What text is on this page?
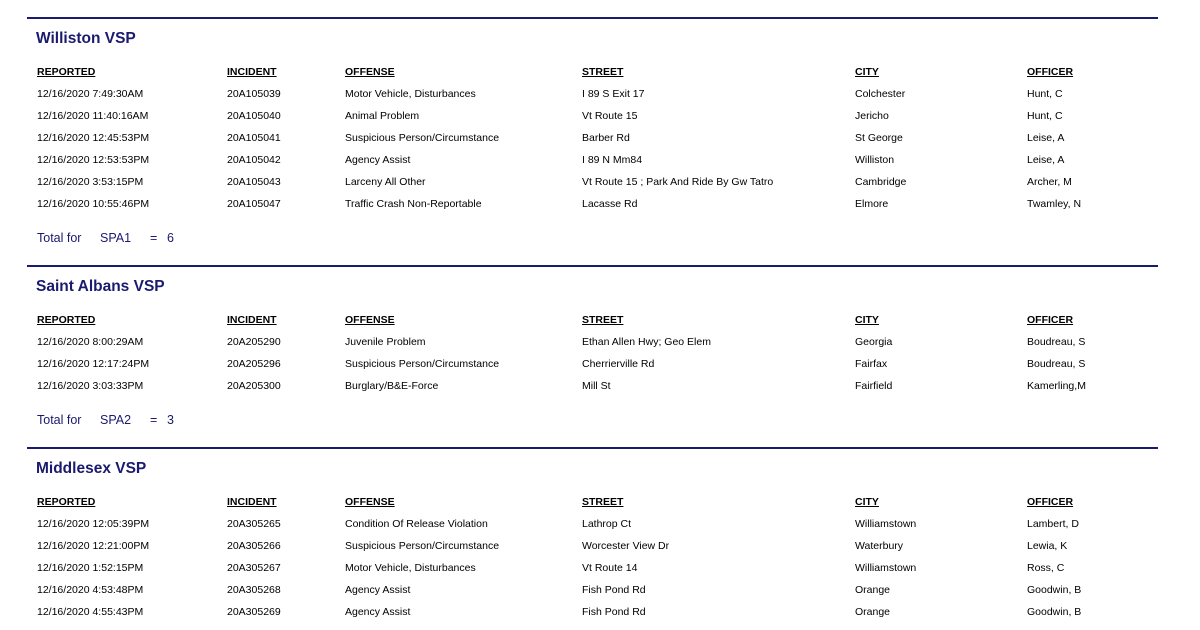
Williston VSP
REPORTED	INCIDENT	OFFENSE	STREET	CITY	OFFICER
12/16/2020 7:49:30AM	20A105039	Motor Vehicle, Disturbances	I 89 S Exit 17	Colchester	Hunt, C
12/16/2020 11:40:16AM	20A105040	Animal Problem	Vt Route 15	Jericho	Hunt, C
12/16/2020 12:45:53PM	20A105041	Suspicious Person/Circumstance	Barber Rd	St George	Leise, A
12/16/2020 12:53:53PM	20A105042	Agency Assist	I 89 N Mm84	Williston	Leise, A
12/16/2020 3:53:15PM	20A105043	Larceny All Other	Vt Route 15 ; Park And Ride By Gw Tatro	Cambridge	Archer, M
12/16/2020 10:55:46PM	20A105047	Traffic Crash Non-Reportable	Lacasse Rd	Elmore	Twamley, N
Total for SPA1 = 6
Saint Albans VSP
REPORTED	INCIDENT	OFFENSE	STREET	CITY	OFFICER
12/16/2020 8:00:29AM	20A205290	Juvenile Problem	Ethan Allen Hwy; Geo Elem	Georgia	Boudreau, S
12/16/2020 12:17:24PM	20A205296	Suspicious Person/Circumstance	Cherrierville Rd	Fairfax	Boudreau, S
12/16/2020 3:03:33PM	20A205300	Burglary/B&E-Force	Mill St	Fairfield	Kamerling,M
Total for SPA2 = 3
Middlesex VSP
REPORTED	INCIDENT	OFFENSE	STREET	CITY	OFFICER
12/16/2020 12:05:39PM	20A305265	Condition Of Release Violation	Lathrop Ct	Williamstown	Lambert, D
12/16/2020 12:21:00PM	20A305266	Suspicious Person/Circumstance	Worcester View Dr	Waterbury	Lewia, K
12/16/2020 1:52:15PM	20A305267	Motor Vehicle, Disturbances	Vt Route 14	Williamstown	Ross, C
12/16/2020 4:53:48PM	20A305268	Agency Assist	Fish Pond Rd	Orange	Goodwin, B
12/16/2020 4:55:43PM	20A305269	Agency Assist	Fish Pond Rd	Orange	Goodwin, B
